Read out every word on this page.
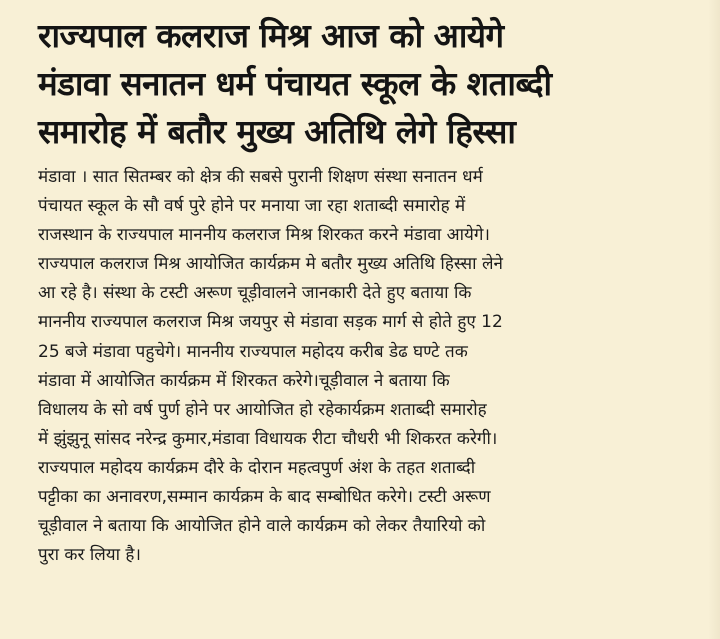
राज्यपाल कलराज मिश्र आज को आयेगे
मंडावा सनातन धर्म पंचायत स्कूल के शताब्दी
समारोह में बतौर मुख्य अतिथि लेगे हिस्सा
मंडावा । सात सितम्बर को क्षेत्र की सबसे पुरानी शिक्षण संस्था सनातन धर्म
पंचायत स्कूल के सौ वर्ष पुरे होने पर मनाया जा रहा शताब्दी समारोह में
राजस्थान के राज्यपाल माननीय कलराज मिश्र शिरकत करने मंडावा आयेगे।
राज्यपाल कलराज मिश्र आयोजित कार्यक्रम मे बतौर मुख्य अतिथि हिस्सा लेने
आ रहे है। संस्था के टस्टी अरूण चूड़ीवालने जानकारी देते हुए बताया कि
माननीय राज्यपाल कलराज मिश्र जयपुर से मंडावा सड़क मार्ग से होते हुए 12
25 बजे मंडावा पहुचेगे। माननीय राज्यपाल महोदय करीब डेढ घण्टे तक
मंडावा में आयोजित कार्यक्रम में शिरकत करेगे।चूड़ीवाल ने बताया कि
विधालय के सो वर्ष पुर्ण होने पर आयोजित हो रहेकार्यक्रम शताब्दी समारोह
में झुंझुनू सांसद नरेन्द्र कुमार,मंडावा विधायक रीटा चौधरी भी शिकरत करेगी।
राज्यपाल महोदय कार्यक्रम दौरे के दोरान महत्वपुर्ण अंश के तहत शताब्दी
पट्टीका का अनावरण,सम्मान कार्यक्रम के बाद सम्बोधित करेगे। टस्टी अरूण
चूड़ीवाल ने बताया कि आयोजित होने वाले कार्यक्रम को लेकर तैयारियो को
पुरा कर लिया है।
